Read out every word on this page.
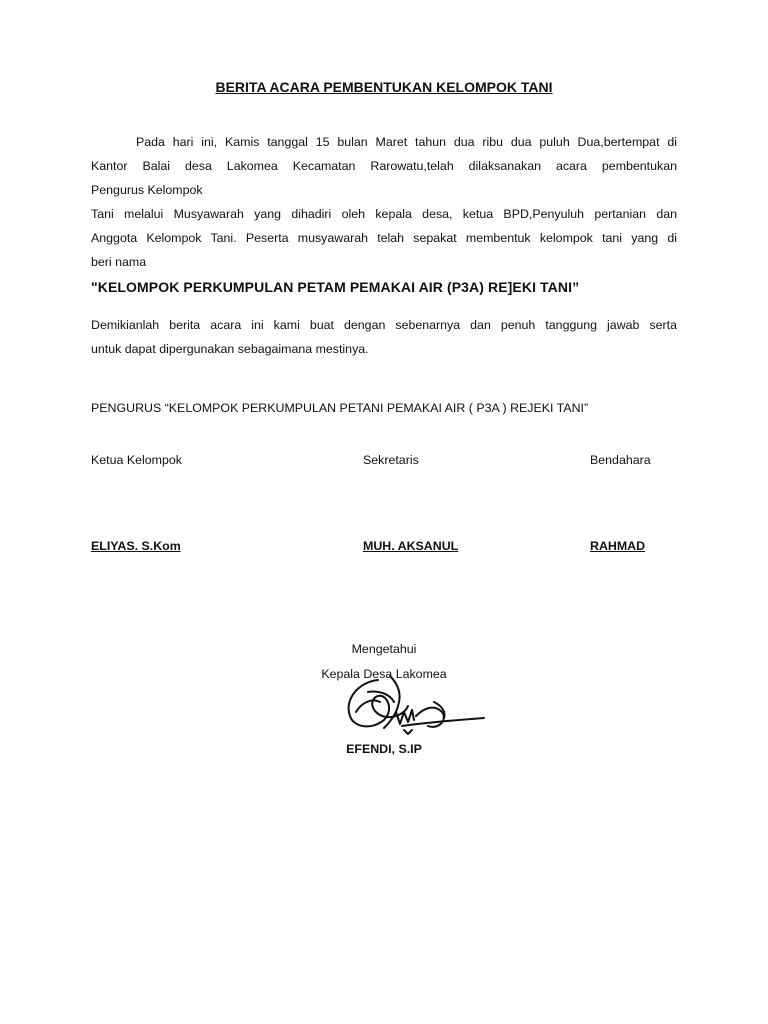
BERITA ACARA PEMBENTUKAN KELOMPOK TANI
Pada hari ini, Kamis tanggal 15 bulan Maret tahun dua ribu dua puluh Dua,bertempat di
Kantor Balai desa Lakomea Kecamatan Rarowatu,telah dilaksanakan acara pembentukan
Pengurus Kelompok
Tani melalui Musyawarah yang dihadiri oleh kepala desa, ketua BPD,Penyuluh pertanian dan
Anggota Kelompok Tani. Peserta musyawarah telah sepakat membentuk kelompok tani yang di
beri nama
"KELOMPOK PERKUMPULAN PETAM PEMAKAI AIR (P3A) RE]EKI TANI”
Demikianlah berita acara ini kami buat dengan sebenarnya dan penuh tanggung jawab serta
untuk dapat dipergunakan sebagaimana mestinya.
PENGURUS “KELOMPOK PERKUMPULAN PETANI PEMAKAI AIR ( P3A ) REJEKI TANI”
Ketua Kelompok	Sekretaris	Bendahara
ELIYAS. S.Kom	MUH. AKSANUL	RAHMAD
Mengetahui
Kepala Desa Lakomea
EFENDI, S.IP
